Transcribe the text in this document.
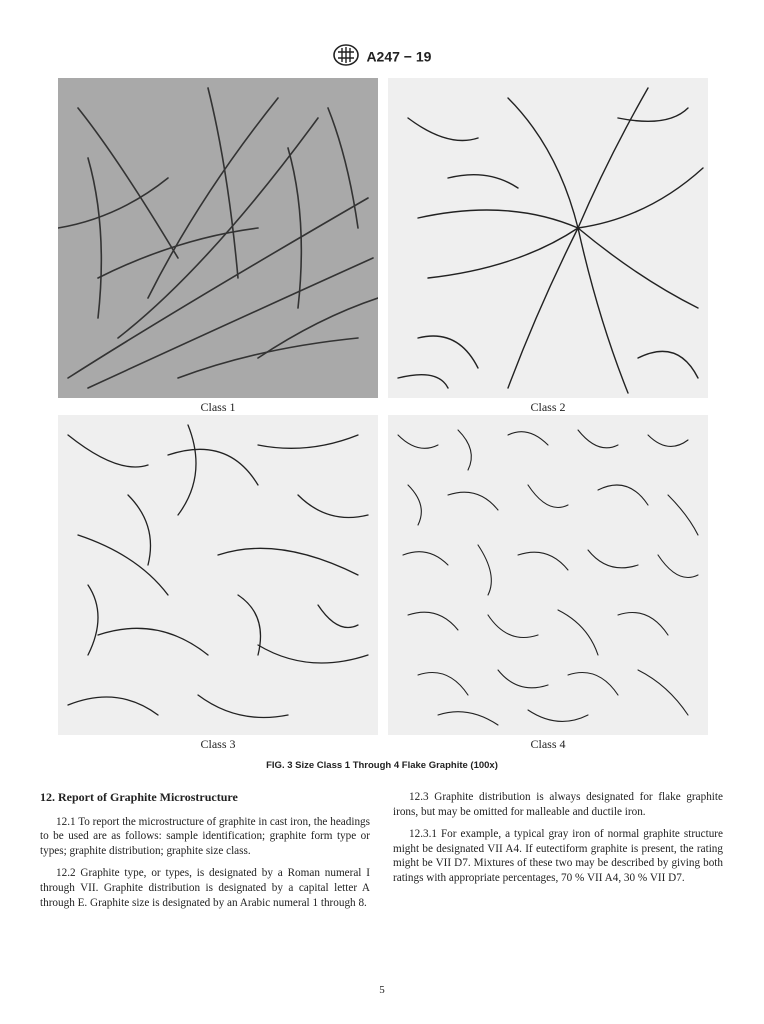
A247 − 19
Class 1	Class 2
Class 3	Class 4
FIG. 3 Size Class 1 Through 4 Flake Graphite (100x)
12. Report of Graphite Microstructure

12.1 To report the microstructure of graphite in cast iron, the headings to be used are as follows: sample identification; graphite form type or types; graphite distribution; graphite size class.

12.2 Graphite type, or types, is designated by a Roman numeral I through VII. Graphite distribution is designated by a capital letter A through E. Graphite size is designated by an Arabic numeral 1 through 8.

12.3 Graphite distribution is always designated for flake graphite irons, but may be omitted for malleable and ductile iron.

12.3.1 For example, a typical gray iron of normal graphite structure might be designated VII A4. If eutectiform graphite is present, the rating might be VII D7. Mixtures of these two may be described by giving both ratings with appropriate percentages, 70 % VII A4, 30 % VII D7.

5
